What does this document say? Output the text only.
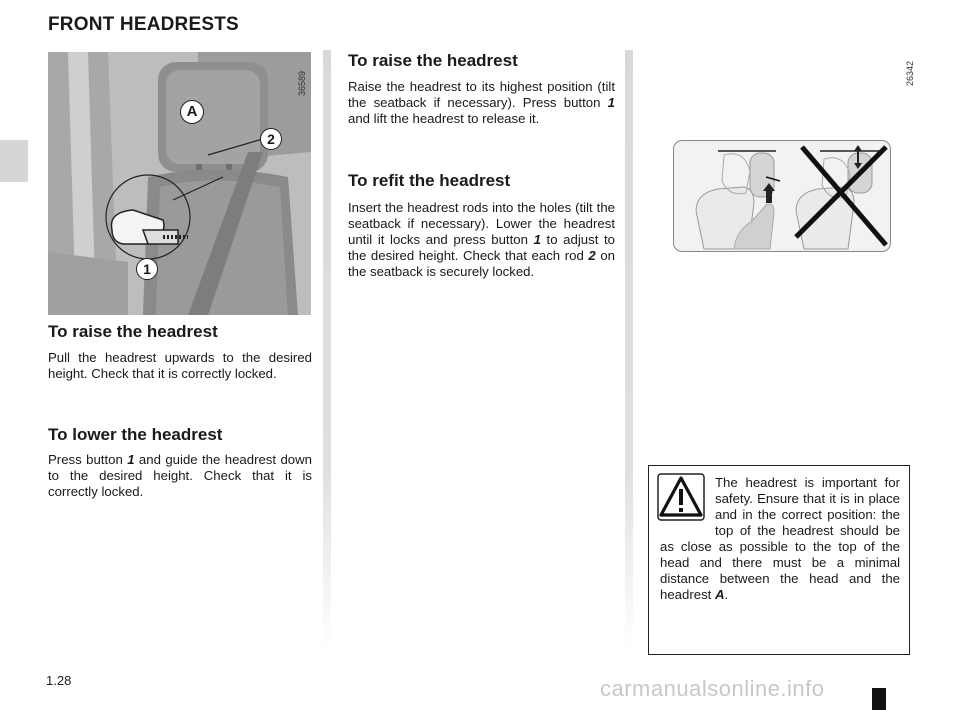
FRONT HEADRESTS
A
2
1
36589
To raise the headrest

Pull the headrest upwards to the desired height. Check that it is correctly locked.

To lower the headrest

Press button 1 and guide the headrest down to the desired height. Check that it is correctly locked.

To raise the headrest

Raise the headrest to its highest position (tilt the seatback if necessary). Press button 1 and lift the headrest to release it.

To refit the headrest

Insert the headrest rods into the holes (tilt the seatback if necessary). Lower the headrest until it locks and press button 1 to adjust to the desired height. Check that each rod 2 on the seatback is securely locked.

26342

The headrest is important for safety. Ensure that it is in place and in the correct position: the top of the headrest should be as close as possible to the top of the head and there must be a minimal distance between the head and the headrest A.

1.28	carmanualsonline.info
